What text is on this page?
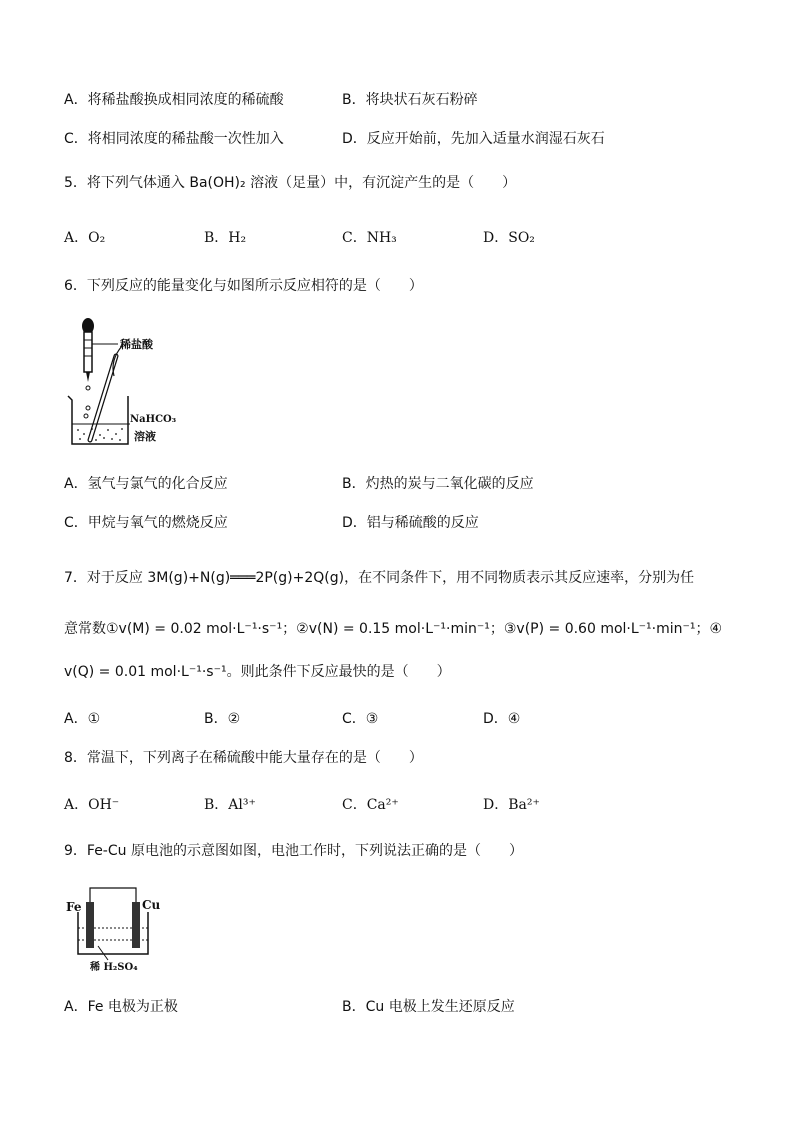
A．将稀盐酸换成相同浓度的稀硫酸	B．将块状石灰石粉碎
C．将相同浓度的稀盐酸一次性加入	D．反应开始前，先加入适量水润湿石灰石
5．将下列气体通入 Ba(OH)₂ 溶液（足量）中，有沉淀产生的是（　　）
A．O₂	B．H₂	C．NH₃	D．SO₂
6．下列反应的能量变化与如图所示反应相符的是（　　）
稀盐酸
NaHCO₃
溶液
A．氢气与氯气的化合反应	B．灼热的炭与二氧化碳的反应
C．甲烷与氧气的燃烧反应	D．铝与稀硫酸的反应
7．对于反应 3M(g)+N(g)═══2P(g)+2Q(g)，在不同条件下，用不同物质表示其反应速率，分别为任
意常数①v(M) = 0.02 mol·L⁻¹·s⁻¹；②v(N) = 0.15 mol·L⁻¹·min⁻¹；③v(P) = 0.60 mol·L⁻¹·min⁻¹；④
v(Q) = 0.01 mol·L⁻¹·s⁻¹。则此条件下反应最快的是（　　）
A．①	B．②	C．③	D．④
8．常温下，下列离子在稀硫酸中能大量存在的是（　　）
A．OH⁻	B．Al³⁺	C．Ca²⁺	D．Ba²⁺
9．Fe-Cu 原电池的示意图如图，电池工作时，下列说法正确的是（　　）
Fe	Cu
稀 H₂SO₄
A．Fe 电极为正极	B．Cu 电极上发生还原反应
